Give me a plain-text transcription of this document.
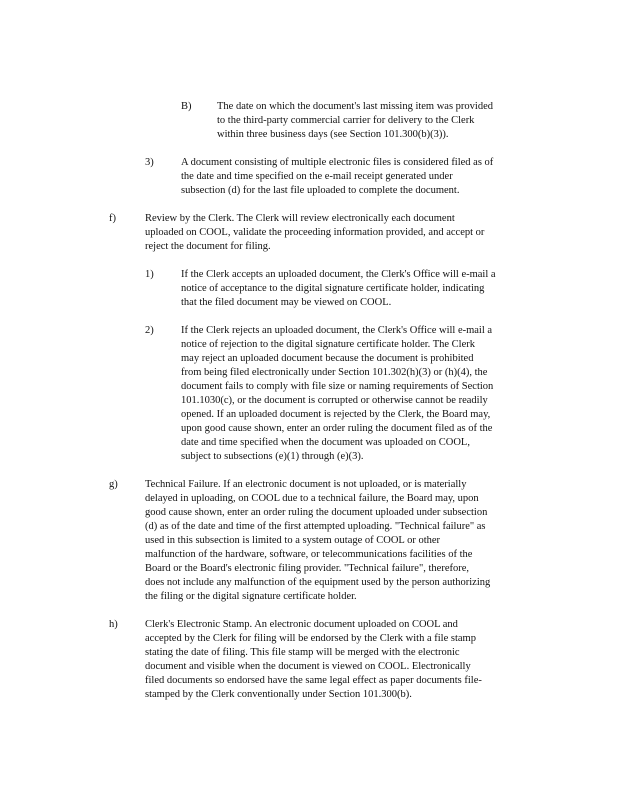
B) The date on which the document's last missing item was provided
to the third-party commercial carrier for delivery to the Clerk
within three business days (see Section 101.300(b)(3)).
3)	A document consisting of multiple electronic files is considered filed as of
the date and time specified on the e-mail receipt generated under
subsection (d) for the last file uploaded to complete the document.
f)	Review by the Clerk. The Clerk will review electronically each document
uploaded on COOL, validate the proceeding information provided, and accept or
reject the document for filing.
1)	If the Clerk accepts an uploaded document, the Clerk's Office will e-mail a
notice of acceptance to the digital signature certificate holder, indicating
that the filed document may be viewed on COOL.
2)	If the Clerk rejects an uploaded document, the Clerk's Office will e-mail a
notice of rejection to the digital signature certificate holder. The Clerk
may reject an uploaded document because the document is prohibited
from being filed electronically under Section 101.302(h)(3) or (h)(4), the
document fails to comply with file size or naming requirements of Section
101.1030(c), or the document is corrupted or otherwise cannot be readily
opened. If an uploaded document is rejected by the Clerk, the Board may,
upon good cause shown, enter an order ruling the document filed as of the
date and time specified when the document was uploaded on COOL,
subject to subsections (e)(1) through (e)(3).
g)	Technical Failure. If an electronic document is not uploaded, or is materially
delayed in uploading, on COOL due to a technical failure, the Board may, upon
good cause shown, enter an order ruling the document uploaded under subsection
(d) as of the date and time of the first attempted uploading. "Technical failure" as
used in this subsection is limited to a system outage of COOL or other
malfunction of the hardware, software, or telecommunications facilities of the
Board or the Board's electronic filing provider. "Technical failure", therefore,
does not include any malfunction of the equipment used by the person authorizing
the filing or the digital signature certificate holder.
h)	Clerk's Electronic Stamp. An electronic document uploaded on COOL and
accepted by the Clerk for filing will be endorsed by the Clerk with a file stamp
stating the date of filing. This file stamp will be merged with the electronic
document and visible when the document is viewed on COOL. Electronically
filed documents so endorsed have the same legal effect as paper documents file-
stamped by the Clerk conventionally under Section 101.300(b).
